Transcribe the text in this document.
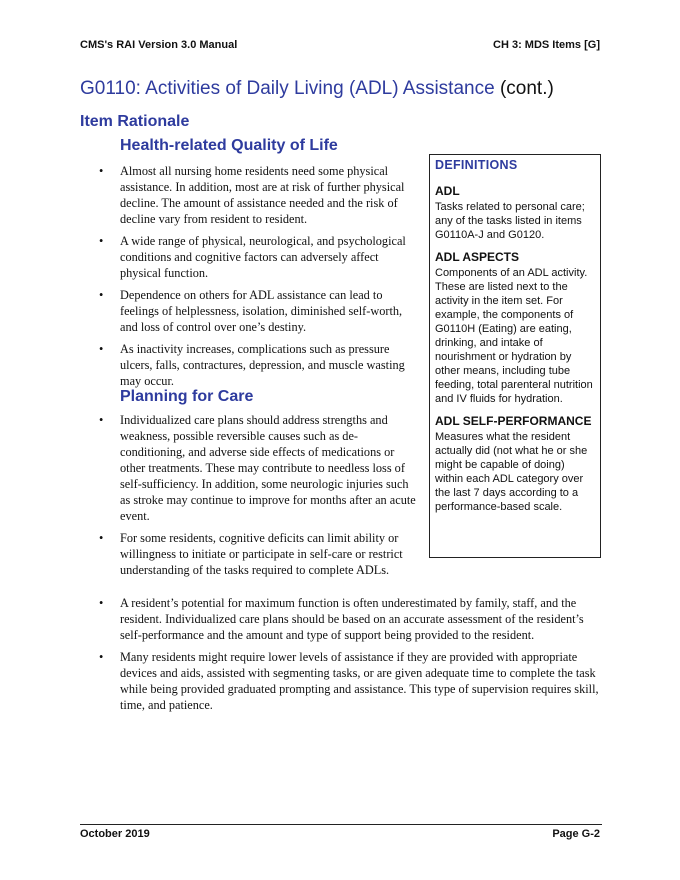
CMS's RAI Version 3.0 Manual	CH 3: MDS Items [G]
G0110: Activities of Daily Living (ADL) Assistance (cont.)
Item Rationale
Health-related Quality of Life
• Almost all nursing home residents need some physical assistance. In addition, most are at risk of further physical decline. The amount of assistance needed and the risk of decline vary from resident to resident.
• A wide range of physical, neurological, and psychological conditions and cognitive factors can adversely affect physical function.
• Dependence on others for ADL assistance can lead to feelings of helplessness, isolation, diminished self-worth, and loss of control over one’s destiny.
• As inactivity increases, complications such as pressure ulcers, falls, contractures, depression, and muscle wasting may occur.
Planning for Care
• Individualized care plans should address strengths and weakness, possible reversible causes such as de-conditioning, and adverse side effects of medications or other treatments. These may contribute to needless loss of self-sufficiency. In addition, some neurologic injuries such as stroke may continue to improve for months after an acute event.
• For some residents, cognitive deficits can limit ability or willingness to initiate or participate in self-care or restrict understanding of the tasks required to complete ADLs.
• A resident’s potential for maximum function is often underestimated by family, staff, and the resident. Individualized care plans should be based on an accurate assessment of the resident’s self-performance and the amount and type of support being provided to the resident.
• Many residents might require lower levels of assistance if they are provided with appropriate devices and aids, assisted with segmenting tasks, or are given adequate time to complete the task while being provided graduated prompting and assistance. This type of supervision requires skill, time, and patience.
DEFINITIONS
ADL
Tasks related to personal care; any of the tasks listed in items G0110A-J and G0120.
ADL ASPECTS
Components of an ADL activity. These are listed next to the activity in the item set. For example, the components of G0110H (Eating) are eating, drinking, and intake of nourishment or hydration by other means, including tube feeding, total parenteral nutrition and IV fluids for hydration.
ADL SELF-PERFORMANCE
Measures what the resident actually did (not what he or she might be capable of doing) within each ADL category over the last 7 days according to a performance-based scale.
October 2019	Page G-2
